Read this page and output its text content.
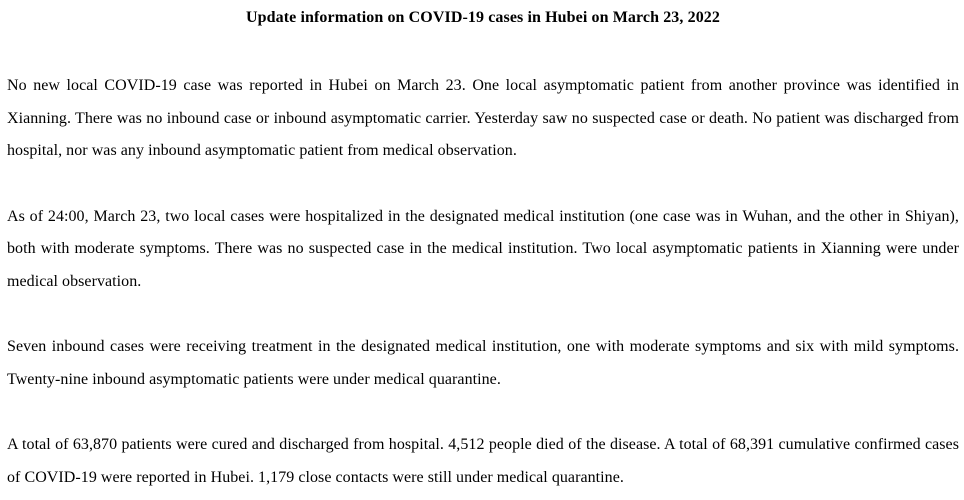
Update information on COVID-19 cases in Hubei on March 23, 2022

No new local COVID-19 case was reported in Hubei on March 23. One local asymptomatic patient from another province was identified in Xianning. There was no inbound case or inbound asymptomatic carrier. Yesterday saw no suspected case or death. No patient was discharged from hospital, nor was any inbound asymptomatic patient from medical observation.

As of 24:00, March 23, two local cases were hospitalized in the designated medical institution (one case was in Wuhan, and the other in Shiyan), both with moderate symptoms. There was no suspected case in the medical institution. Two local asymptomatic patients in Xianning were under medical observation.

Seven inbound cases were receiving treatment in the designated medical institution, one with moderate symptoms and six with mild symptoms. Twenty-nine inbound asymptomatic patients were under medical quarantine.

A total of 63,870 patients were cured and discharged from hospital. 4,512 people died of the disease. A total of 68,391 cumulative confirmed cases of COVID-19 were reported in Hubei. 1,179 close contacts were still under medical quarantine.
